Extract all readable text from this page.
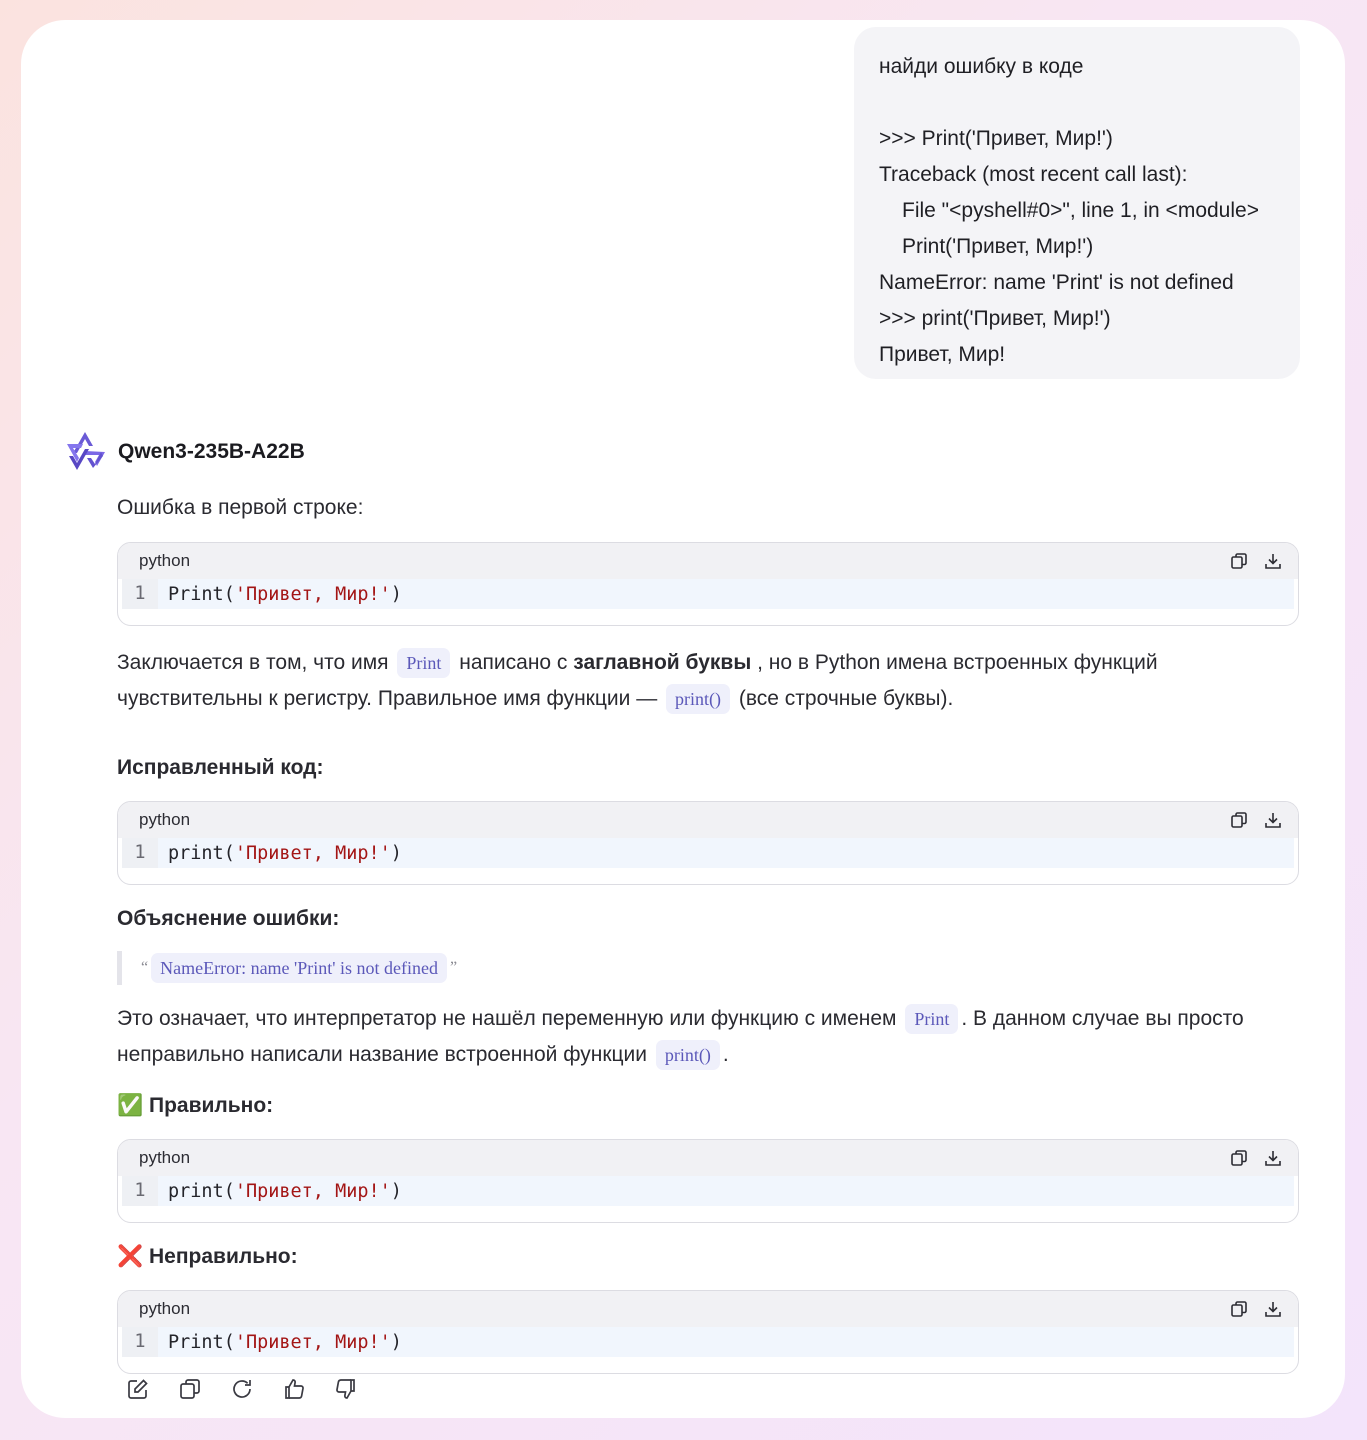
найди ошибку в коде
>>> Print('Привет, Мир!')
Traceback (most recent call last):
File "<pyshell#0>", line 1, in <module>
Print('Привет, Мир!')
NameError: name 'Print' is not defined
>>> print('Привет, Мир!')
Привет, Мир!
Qwen3-235B-A22B

Ошибка в первой строке:

python
1	Print('Привет, Мир!')

Заключается в том, что имя Print написано с заглавной буквы , но в Python имена встроенных функций

чувствительны к регистру. Правильное имя функции — print() (все строчные буквы).

Исправленный код:

python
1	print('Привет, Мир!')

Объяснение ошибки:

“ NameError: name 'Print' is not defined ”

Это означает, что интерпретатор не нашёл переменную или функцию с именем Print . В данном случае вы просто

неправильно написали название встроенной функции print() .

✅ Правильно:

python
1	print('Привет, Мир!')

❌ Неправильно:

python
1	Print('Привет, Мир!')
